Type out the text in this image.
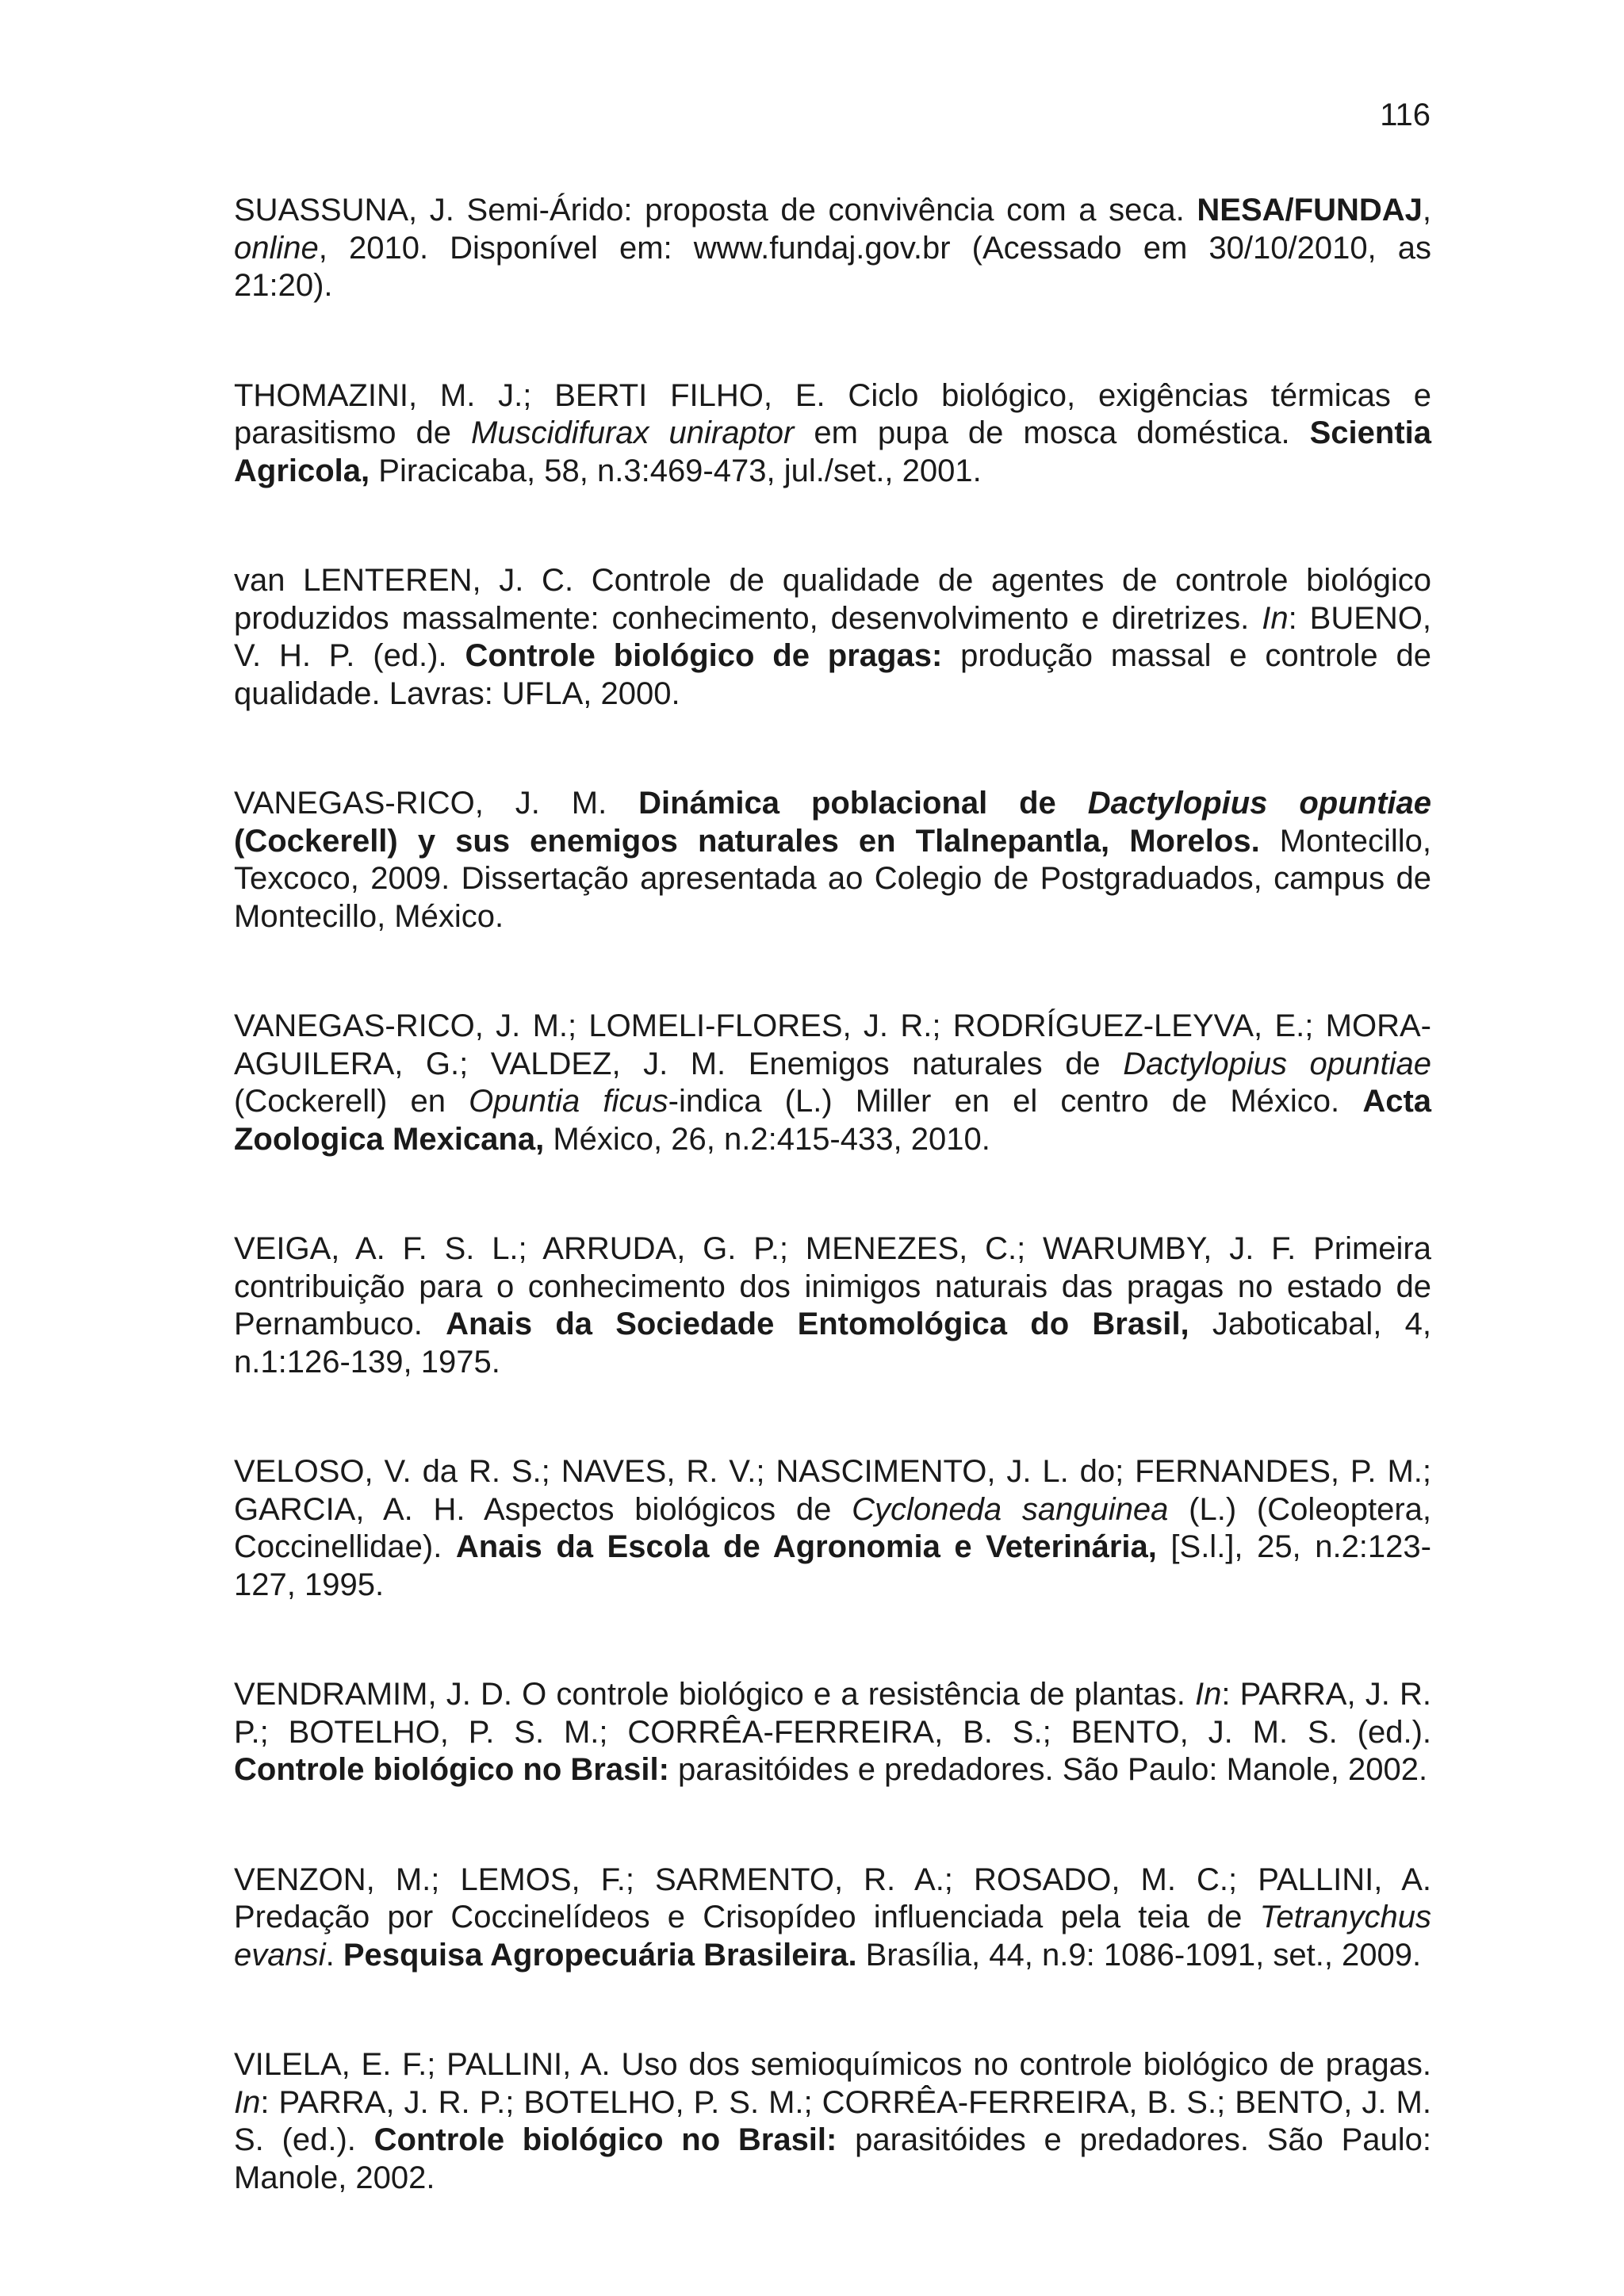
116

SUASSUNA, J. Semi-Árido: proposta de convivência com a seca. NESA/FUNDAJ, online, 2010. Disponível em: www.fundaj.gov.br (Acessado em 30/10/2010, as 21:20).

THOMAZINI, M. J.; BERTI FILHO, E. Ciclo biológico, exigências térmicas e parasitismo de Muscidifurax uniraptor em pupa de mosca doméstica. Scientia Agricola, Piracicaba, 58, n.3:469-473, jul./set., 2001.

van LENTEREN, J. C. Controle de qualidade de agentes de controle biológico produzidos massalmente: conhecimento, desenvolvimento e diretrizes. In: BUENO, V. H. P. (ed.). Controle biológico de pragas: produção massal e controle de qualidade. Lavras: UFLA, 2000.

VANEGAS-RICO, J. M. Dinámica poblacional de Dactylopius opuntiae (Cockerell) y sus enemigos naturales en Tlalnepantla, Morelos. Montecillo, Texcoco, 2009. Dissertação apresentada ao Colegio de Postgraduados, campus de Montecillo, México.

VANEGAS-RICO, J. M.; LOMELI-FLORES, J. R.; RODRÍGUEZ-LEYVA, E.; MORA-AGUILERA, G.; VALDEZ, J. M. Enemigos naturales de Dactylopius opuntiae (Cockerell) en Opuntia ficus-indica (L.) Miller en el centro de México. Acta Zoologica Mexicana, México, 26, n.2:415-433, 2010.

VEIGA, A. F. S. L.; ARRUDA, G. P.; MENEZES, C.; WARUMBY, J. F. Primeira contribuição para o conhecimento dos inimigos naturais das pragas no estado de Pernambuco. Anais da Sociedade Entomológica do Brasil, Jaboticabal, 4, n.1:126-139, 1975.

VELOSO, V. da R. S.; NAVES, R. V.; NASCIMENTO, J. L. do; FERNANDES, P. M.; GARCIA, A. H. Aspectos biológicos de Cycloneda sanguinea (L.) (Coleoptera, Coccinellidae). Anais da Escola de Agronomia e Veterinária, [S.l.], 25, n.2:123-127, 1995.

VENDRAMIM, J. D. O controle biológico e a resistência de plantas. In: PARRA, J. R. P.; BOTELHO, P. S. M.; CORRÊA-FERREIRA, B. S.; BENTO, J. M. S. (ed.). Controle biológico no Brasil: parasitóides e predadores. São Paulo: Manole, 2002.

VENZON, M.; LEMOS, F.; SARMENTO, R. A.; ROSADO, M. C.; PALLINI, A. Predação por Coccinelídeos e Crisopídeo influenciada pela teia de Tetranychus evansi. Pesquisa Agropecuária Brasileira. Brasília, 44, n.9: 1086-1091, set., 2009.

VILELA, E. F.; PALLINI, A. Uso dos semioquímicos no controle biológico de pragas. In: PARRA, J. R. P.; BOTELHO, P. S. M.; CORRÊA-FERREIRA, B. S.; BENTO, J. M. S. (ed.). Controle biológico no Brasil: parasitóides e predadores. São Paulo: Manole, 2002.
